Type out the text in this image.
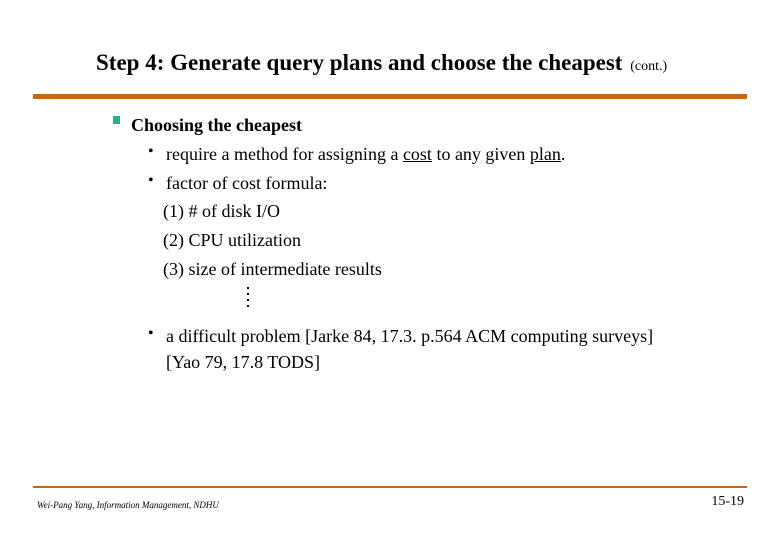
Step 4: Generate query plans and choose the cheapest (cont.)
Choosing the cheapest
• require a method for assigning a cost to any given plan.
• factor of cost formula:
(1) # of disk I/O
(2) CPU utilization
(3) size of intermediate results
• a difficult problem [Jarke 84, 17.3. p.564 ACM computing surveys]
[Yao 79, 17.8 TODS]
Wei-Pang Yang, Information Management, NDHU	15-19
